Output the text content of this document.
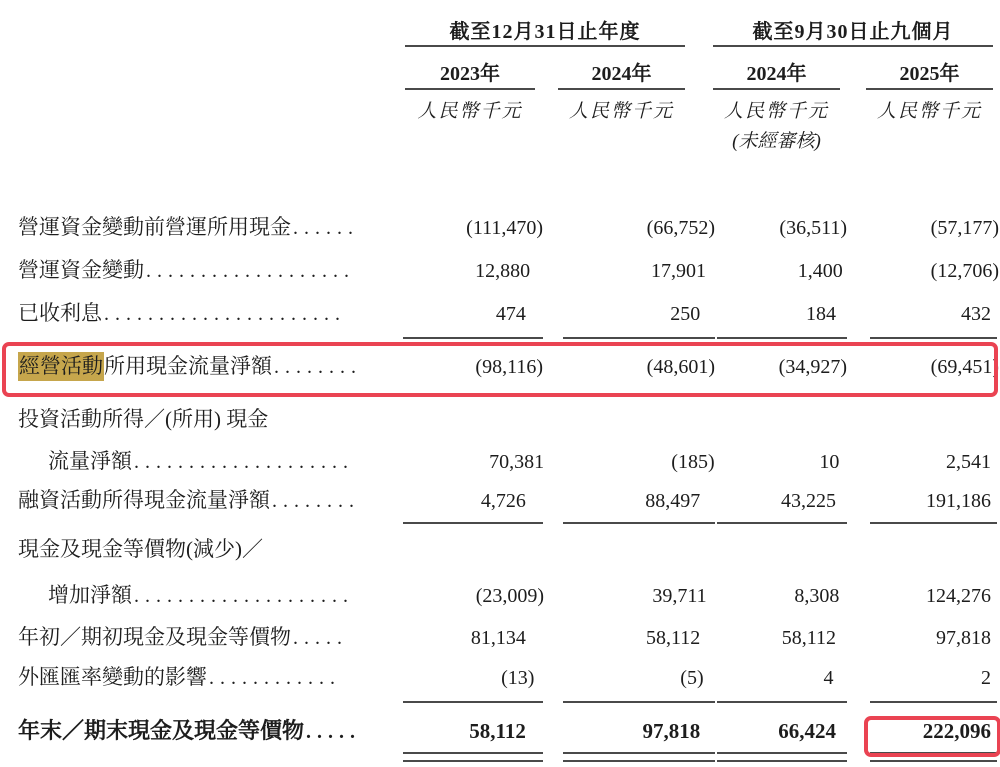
截至12月31日止年度	截至9月30日止九個月
2023年	2024年	2024年	2025年
人民幣千元	人民幣千元	人民幣千元	人民幣千元
(未經審核)
營運資金變動前營運所用現金 ......	(111,470)	(66,752)	(36,511)	(57,177)
營運資金變動 ...................	12,880	17,901	1,400	(12,706)
已收利息 ......................	474	250	184	432
經營活動 所用現金流量淨額 ........	(98,116)	(48,601)	(34,927)	(69,451)
投資活動所得／(所用) 現金
流量淨額 ....................	70,381	(185)	10	2,541
融資活動所得現金流量淨額 ........	4,726	88,497	43,225	191,186
現金及現金等價物(減少)／
增加淨額 ....................	(23,009)	39,711	8,308	124,276
年初／期初現金及現金等價物 .....	81,134	58,112	58,112	97,818
外匯匯率變動的影響 ............	(13)	(5)	4	2
年末／期末現金及現金等價物 .....	58,112	97,818	66,424	222,096
